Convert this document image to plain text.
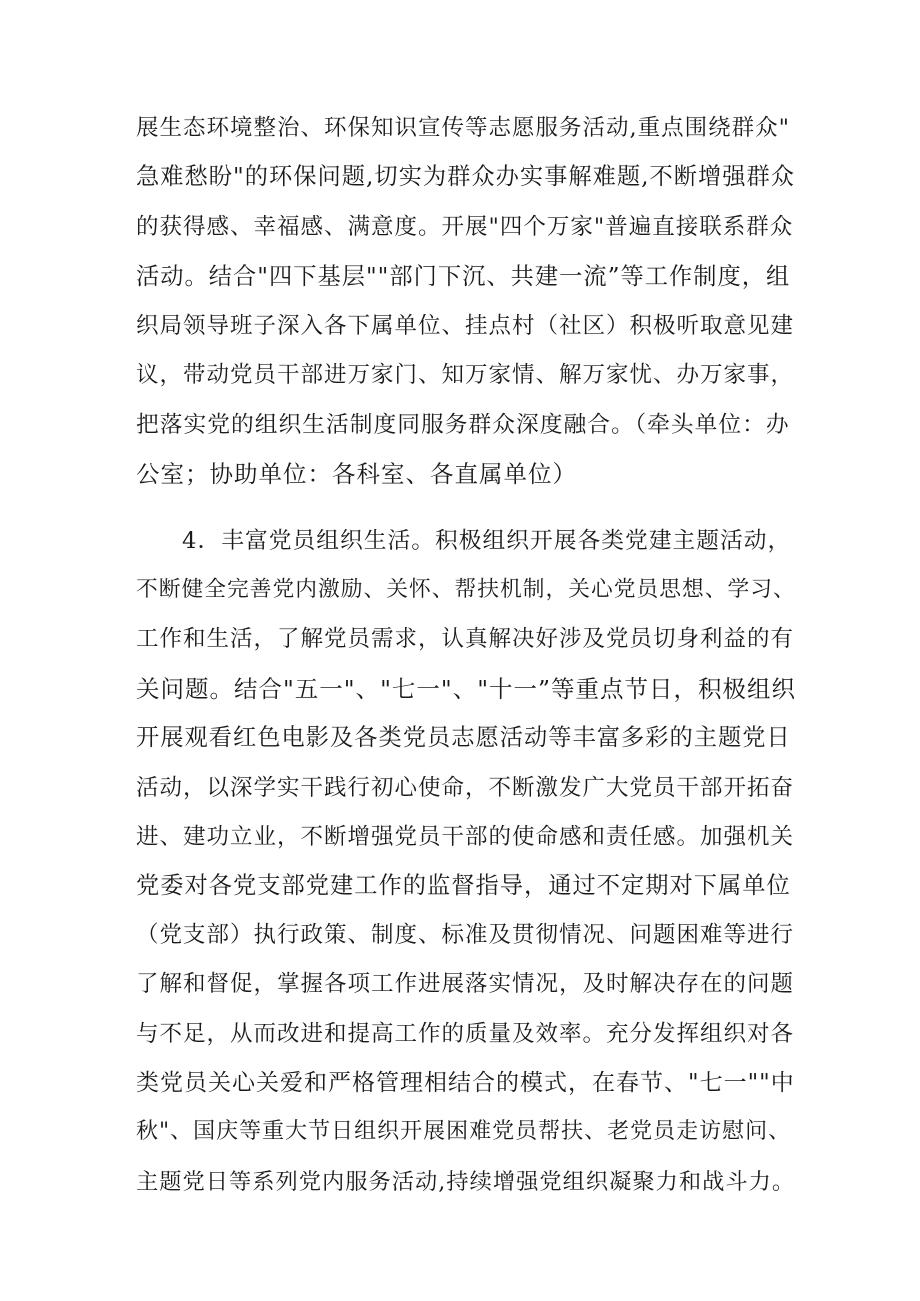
展生态环境整治、环保知识宣传等志愿服务活动,重点围绕群众"
急难愁盼"的环保问题,切实为群众办实事解难题,不断增强群众
的获得感、幸福感、满意度。开展"四个万家"普遍直接联系群众
活动。结合"四下基层""部门下沉、共建一流”等工作制度，组
织局领导班子深入各下属单位、挂点村（社区）积极听取意见建
议，带动党员干部进万家门、知万家情、解万家忧、办万家事，
把落实党的组织生活制度同服务群众深度融合。（牵头单位：办
公室；协助单位：各科室、各直属单位）
4．丰富党员组织生活。积极组织开展各类党建主题活动，
不断健全完善党内激励、关怀、帮扶机制，关心党员思想、学习、
工作和生活，了解党员需求，认真解决好涉及党员切身利益的有
关问题。结合"五一"、"七一"、"十一”等重点节日，积极组织
开展观看红色电影及各类党员志愿活动等丰富多彩的主题党日
活动，以深学实干践行初心使命，不断激发广大党员干部开拓奋
进、建功立业，不断增强党员干部的使命感和责任感。加强机关
党委对各党支部党建工作的监督指导，通过不定期对下属单位
（党支部）执行政策、制度、标准及贯彻情况、问题困难等进行
了解和督促，掌握各项工作进展落实情况，及时解决存在的问题
与不足，从而改进和提高工作的质量及效率。充分发挥组织对各
类党员关心关爱和严格管理相结合的模式，在春节、"七一""中
秋"、国庆等重大节日组织开展困难党员帮扶、老党员走访慰问、
主题党日等系列党内服务活动,持续增强党组织凝聚力和战斗力。
